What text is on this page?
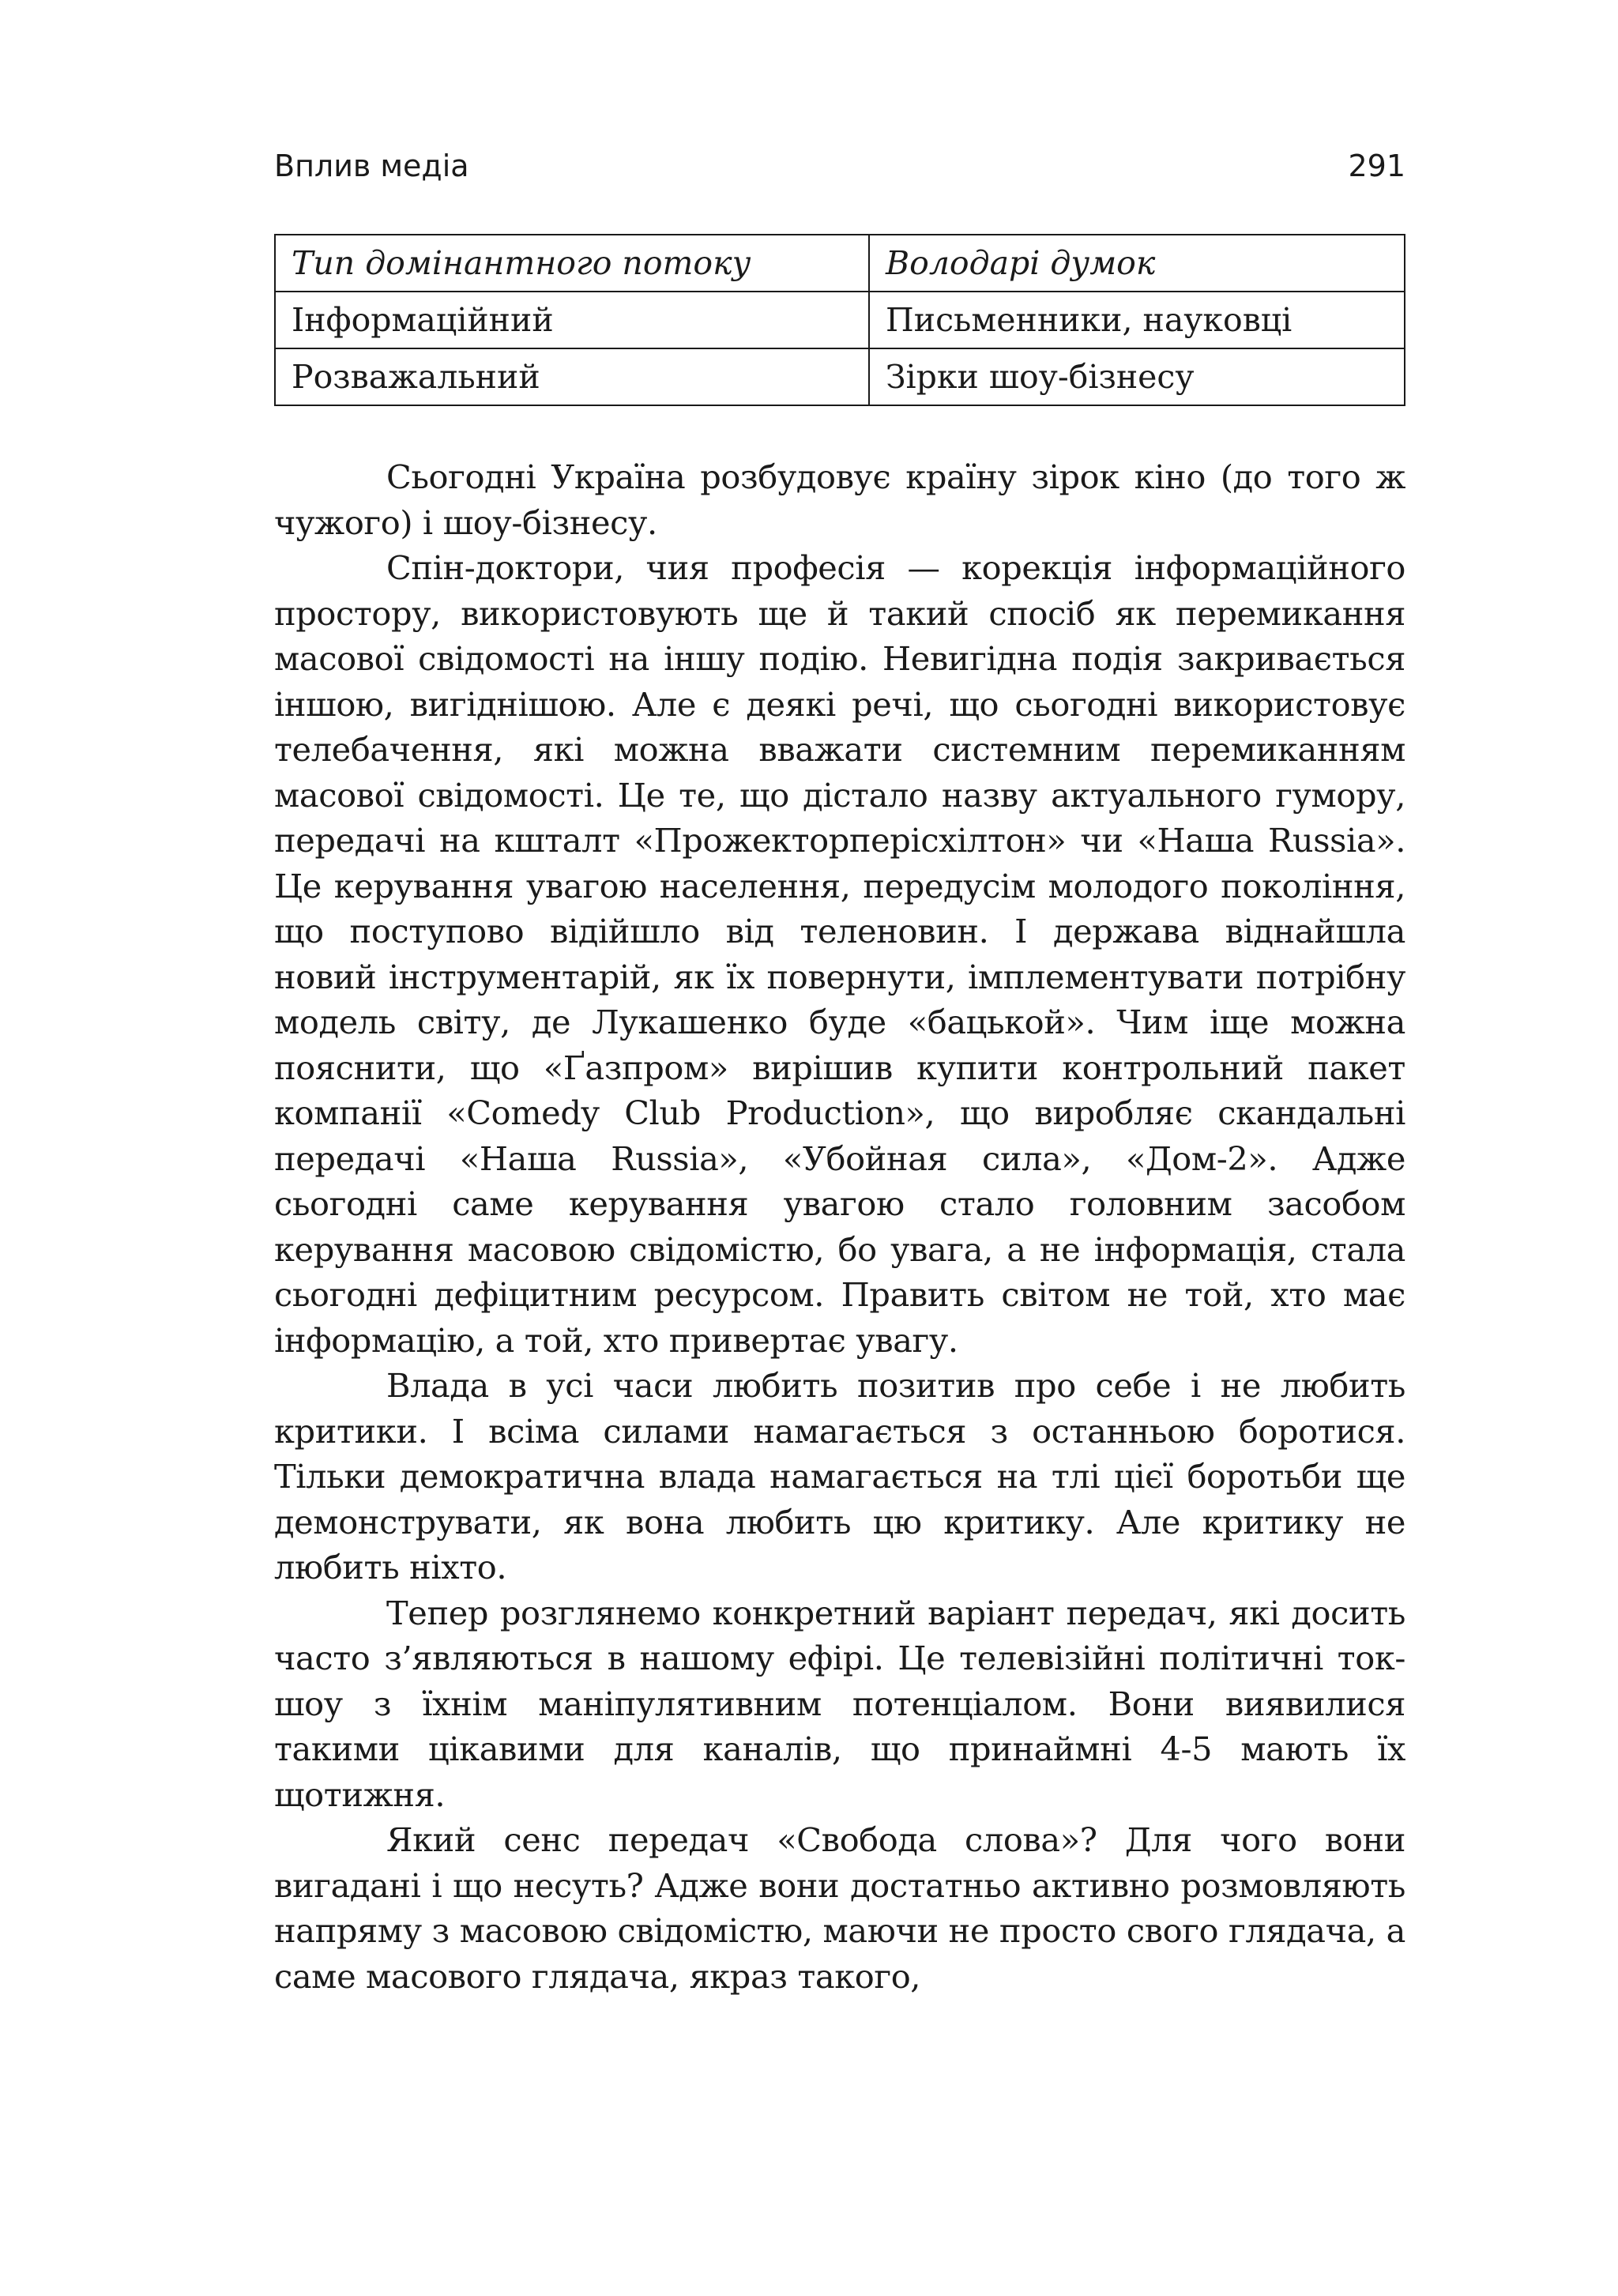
Вплив медіа	291
Тип домінантного потоку	Володарі думок
Інформаційний	Письменники, науковці
Розважальний	Зірки шоу-бізнесу

Сьогодні Україна розбудовує країну зірок кіно (до того ж чужого) і шоу-бізнесу.

Спін-доктори, чия професія — корекція інформаційного простору, використовують ще й такий спосіб як перемикання масової свідомості на іншу подію. Невигідна подія закривається іншою, вигіднішою. Але є деякі речі, що сьогодні використовує телебачення, які можна вважати системним перемиканням масової свідомості. Це те, що дістало назву актуального гумору, передачі на кшталт «Прожекторперісхілтон» чи «Наша Russia». Це керування увагою населення, передусім молодого покоління, що поступово відійшло від теленовин. І держава віднайшла новий інструментарій, як їх повернути, імплементувати потрібну модель світу, де Лукашенко буде «бацькой». Чим іще можна пояснити, що «Ґазпром» вирішив купити контрольний пакет компанії «Comedy Club Production», що виробляє скандальні передачі «Наша Russia», «Убойная сила», «Дом-2». Адже сьогодні саме керування увагою стало головним засобом керування масовою свідомістю, бо увага, а не інформація, стала сьогодні дефіцитним ресурсом. Править світом не той, хто має інформацію, а той, хто привертає увагу.

Влада в усі часи любить позитив про себе і не любить критики. І всіма силами намагається з останньою боротися. Тільки демократична влада намагається на тлі цієї боротьби ще демонструвати, як вона любить цю критику. Але критику не любить ніхто.

Тепер розглянемо конкретний варіант передач, які досить часто з’являються в нашому ефірі. Це телевізійні політичні ток-шоу з їхнім маніпулятивним потенціалом. Вони виявилися такими цікавими для каналів, що принаймні 4-5 мають їх щотижня.

Який сенс передач «Свобода слова»? Для чого вони вигадані і що несуть? Адже вони достатньо активно розмовляють напряму з масовою свідомістю, маючи не просто свого глядача, а саме масового глядача, якраз такого,
